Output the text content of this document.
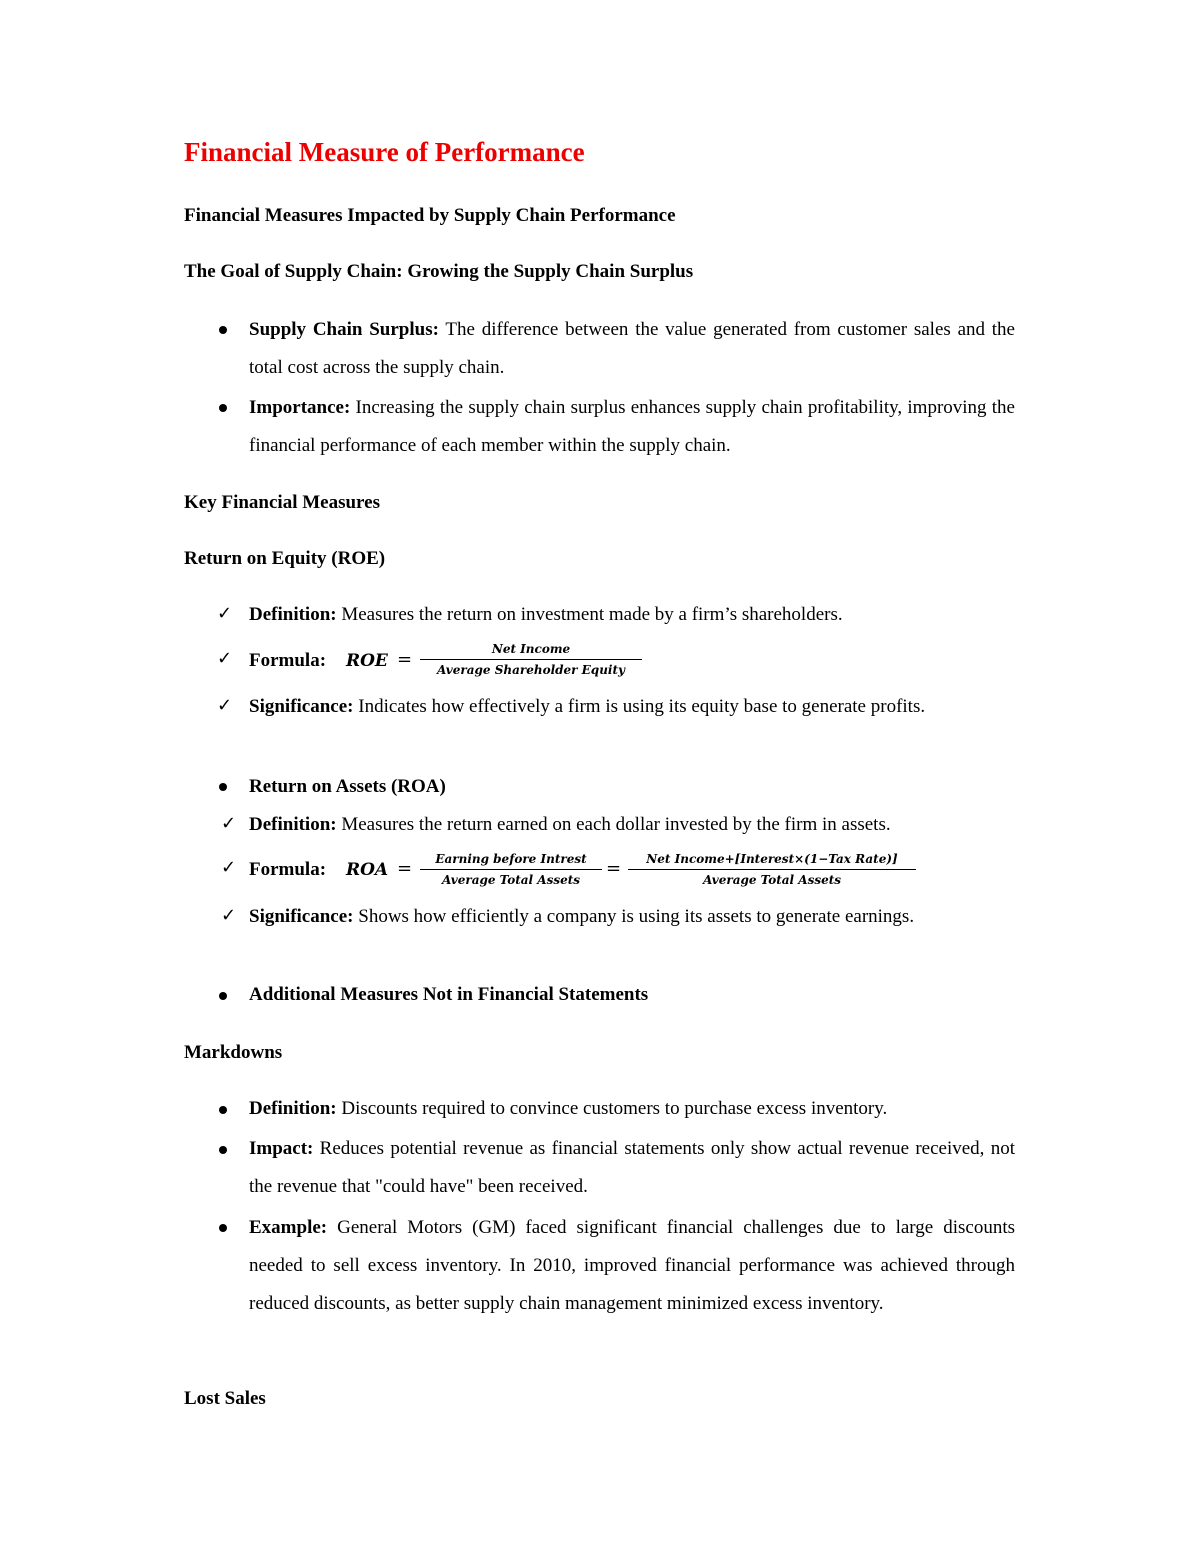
Financial Measure of Performance
Financial Measures Impacted by Supply Chain Performance
The Goal of Supply Chain: Growing the Supply Chain Surplus
Supply Chain Surplus: The difference between the value generated from customer sales and the total cost across the supply chain.
Importance: Increasing the supply chain surplus enhances supply chain profitability, improving the financial performance of each member within the supply chain.
Key Financial Measures
Return on Equity (ROE)
✓ Definition: Measures the return on investment made by a firm’s shareholders.
✓ Formula: ROE =	Net Income
Average Shareholder Equity
✓ Significance: Indicates how effectively a firm is using its equity base to generate profits.
Return on Assets (ROA)
✓ Definition: Measures the return earned on each dollar invested by the firm in assets.
✓ Formula: ROA =	Earning before Intrest
Average Total Assets
=	Net Income+[Interest×(1−Tax Rate)]
Average Total Assets
✓ Significance: Shows how efficiently a company is using its assets to generate earnings.
Additional Measures Not in Financial Statements
Markdowns
Definition: Discounts required to convince customers to purchase excess inventory.
Impact: Reduces potential revenue as financial statements only show actual revenue received, not the revenue that "could have" been received.
Example: General Motors (GM) faced significant financial challenges due to large discounts needed to sell excess inventory. In 2010, improved financial performance was achieved through reduced discounts, as better supply chain management minimized excess inventory.
Lost Sales
